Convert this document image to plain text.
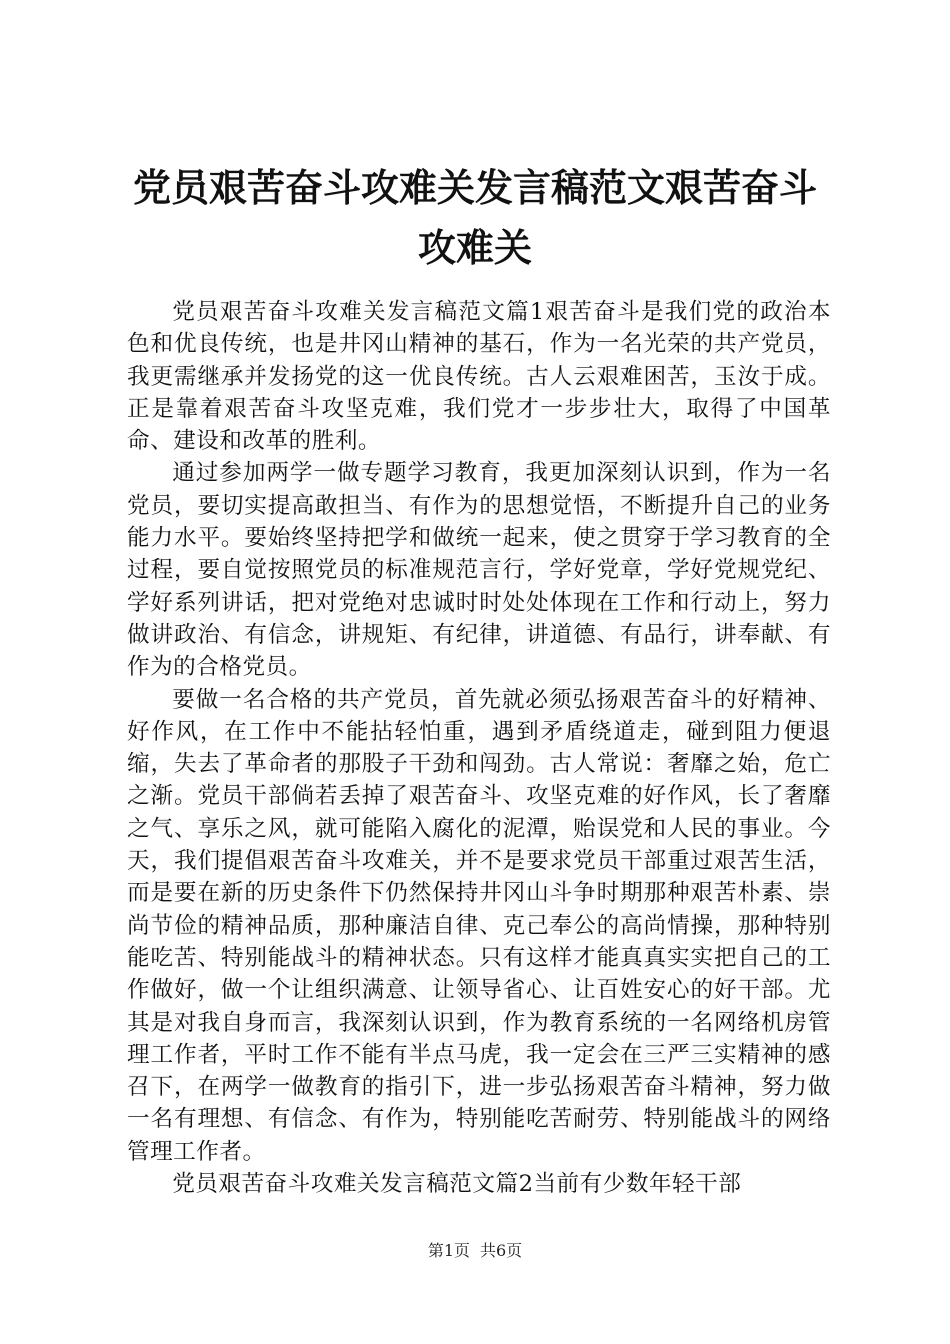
党员艰苦奋斗攻难关发言稿范文艰苦奋斗攻难关

党员艰苦奋斗攻难关发言稿范文篇1艰苦奋斗是我们党的政治本色和优良传统，也是井冈山精神的基石，作为一名光荣的共产党员，我更需继承并发扬党的这一优良传统。古人云艰难困苦，玉汝于成。正是靠着艰苦奋斗攻坚克难，我们党才一步步壮大，取得了中国革命、建设和改革的胜利。

通过参加两学一做专题学习教育，我更加深刻认识到，作为一名党员，要切实提高敢担当、有作为的思想觉悟，不断提升自己的业务能力水平。要始终坚持把学和做统一起来，使之贯穿于学习教育的全过程，要自觉按照党员的标准规范言行，学好党章，学好党规党纪、学好系列讲话，把对党绝对忠诚时时处处体现在工作和行动上，努力做讲政治、有信念，讲规矩、有纪律，讲道德、有品行，讲奉献、有作为的合格党员。

要做一名合格的共产党员，首先就必须弘扬艰苦奋斗的好精神、好作风，在工作中不能拈轻怕重，遇到矛盾绕道走，碰到阻力便退缩，失去了革命者的那股子干劲和闯劲。古人常说：奢靡之始，危亡之渐。党员干部倘若丢掉了艰苦奋斗、攻坚克难的好作风，长了奢靡之气、享乐之风，就可能陷入腐化的泥潭，贻误党和人民的事业。今天，我们提倡艰苦奋斗攻难关，并不是要求党员干部重过艰苦生活，而是要在新的历史条件下仍然保持井冈山斗争时期那种艰苦朴素、崇尚节俭的精神品质，那种廉洁自律、克己奉公的高尚情操，那种特别能吃苦、特别能战斗的精神状态。只有这样才能真真实实把自己的工作做好，做一个让组织满意、让领导省心、让百姓安心的好干部。尤其是对我自身而言，我深刻认识到，作为教育系统的一名网络机房管理工作者，平时工作不能有半点马虎，我一定会在三严三实精神的感召下，在两学一做教育的指引下，进一步弘扬艰苦奋斗精神，努力做一名有理想、有信念、有作为，特别能吃苦耐劳、特别能战斗的网络管理工作者。

党员艰苦奋斗攻难关发言稿范文篇2当前有少数年轻干部

第1页 共6页
